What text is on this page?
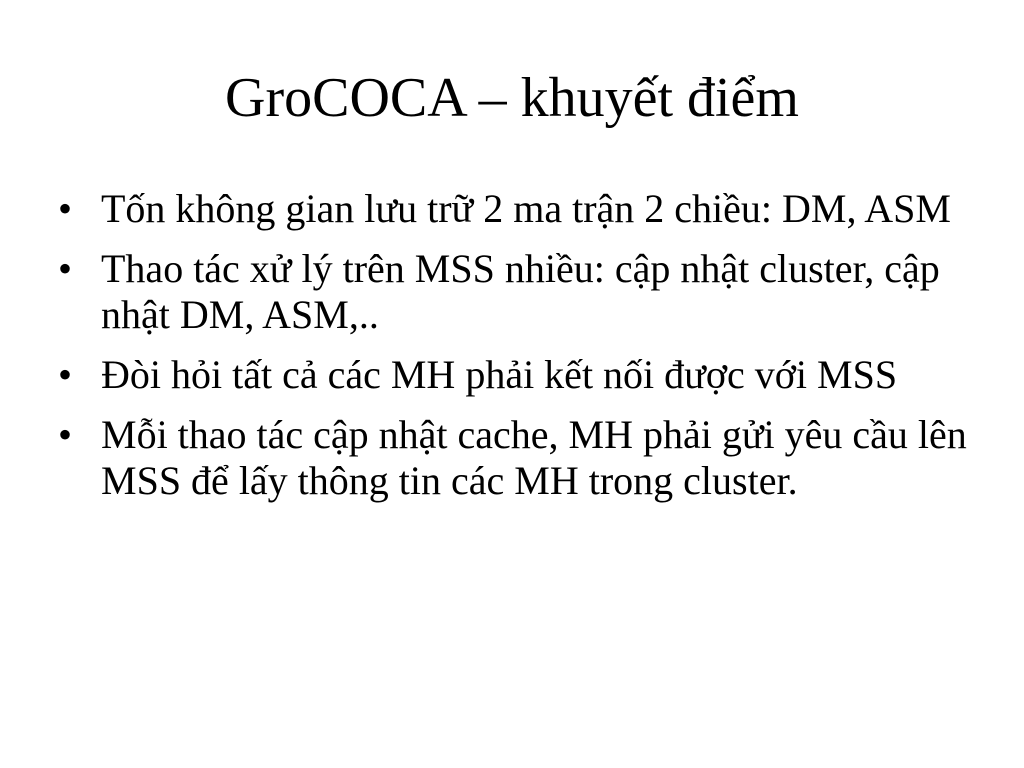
GroCOCA – khuyết điểm
• Tốn không gian lưu trữ 2 ma trận 2 chiều: DM, ASM
• Thao tác xử lý trên MSS nhiều: cập nhật cluster, cập nhật DM, ASM,..
• Đòi hỏi tất cả các MH phải kết nối được với MSS
• Mỗi thao tác cập nhật cache, MH phải gửi yêu cầu lên MSS để lấy thông tin các MH trong cluster.
